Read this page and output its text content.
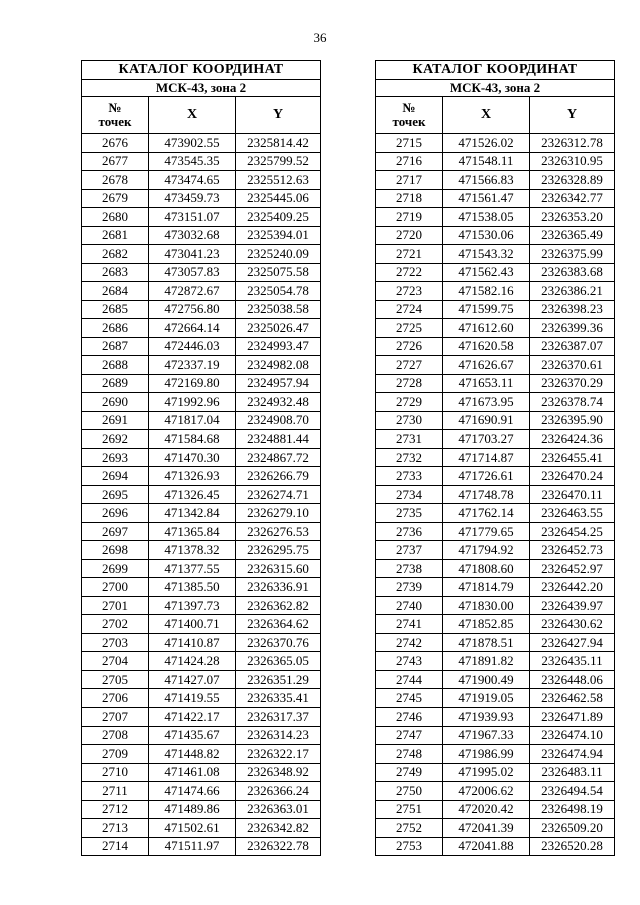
36
КАТАЛОГ КООРДИНАТ		
МСК-43, зона 2		
№
точек	X	Y
2676	473902.55	2325814.42
2677	473545.35	2325799.52
2678	473474.65	2325512.63
2679	473459.73	2325445.06
2680	473151.07	2325409.25
2681	473032.68	2325394.01
2682	473041.23	2325240.09
2683	473057.83	2325075.58
2684	472872.67	2325054.78
2685	472756.80	2325038.58
2686	472664.14	2325026.47
2687	472446.03	2324993.47
2688	472337.19	2324982.08
2689	472169.80	2324957.94
2690	471992.96	2324932.48
2691	471817.04	2324908.70
2692	471584.68	2324881.44
2693	471470.30	2324867.72
2694	471326.93	2326266.79
2695	471326.45	2326274.71
2696	471342.84	2326279.10
2697	471365.84	2326276.53
2698	471378.32	2326295.75
2699	471377.55	2326315.60
2700	471385.50	2326336.91
2701	471397.73	2326362.82
2702	471400.71	2326364.62
2703	471410.87	2326370.76
2704	471424.28	2326365.05
2705	471427.07	2326351.29
2706	471419.55	2326335.41
2707	471422.17	2326317.37
2708	471435.67	2326314.23
2709	471448.82	2326322.17
2710	471461.08	2326348.92
2711	471474.66	2326366.24
2712	471489.86	2326363.01
2713	471502.61	2326342.82
2714	471511.97	2326322.78
КАТАЛОГ КООРДИНАТ		
МСК-43, зона 2		
№
точек	X	Y
2715	471526.02	2326312.78
2716	471548.11	2326310.95
2717	471566.83	2326328.89
2718	471561.47	2326342.77
2719	471538.05	2326353.20
2720	471530.06	2326365.49
2721	471543.32	2326375.99
2722	471562.43	2326383.68
2723	471582.16	2326386.21
2724	471599.75	2326398.23
2725	471612.60	2326399.36
2726	471620.58	2326387.07
2727	471626.67	2326370.61
2728	471653.11	2326370.29
2729	471673.95	2326378.74
2730	471690.91	2326395.90
2731	471703.27	2326424.36
2732	471714.87	2326455.41
2733	471726.61	2326470.24
2734	471748.78	2326470.11
2735	471762.14	2326463.55
2736	471779.65	2326454.25
2737	471794.92	2326452.73
2738	471808.60	2326452.97
2739	471814.79	2326442.20
2740	471830.00	2326439.97
2741	471852.85	2326430.62
2742	471878.51	2326427.94
2743	471891.82	2326435.11
2744	471900.49	2326448.06
2745	471919.05	2326462.58
2746	471939.93	2326471.89
2747	471967.33	2326474.10
2748	471986.99	2326474.94
2749	471995.02	2326483.11
2750	472006.62	2326494.54
2751	472020.42	2326498.19
2752	472041.39	2326509.20
2753	472041.88	2326520.28
